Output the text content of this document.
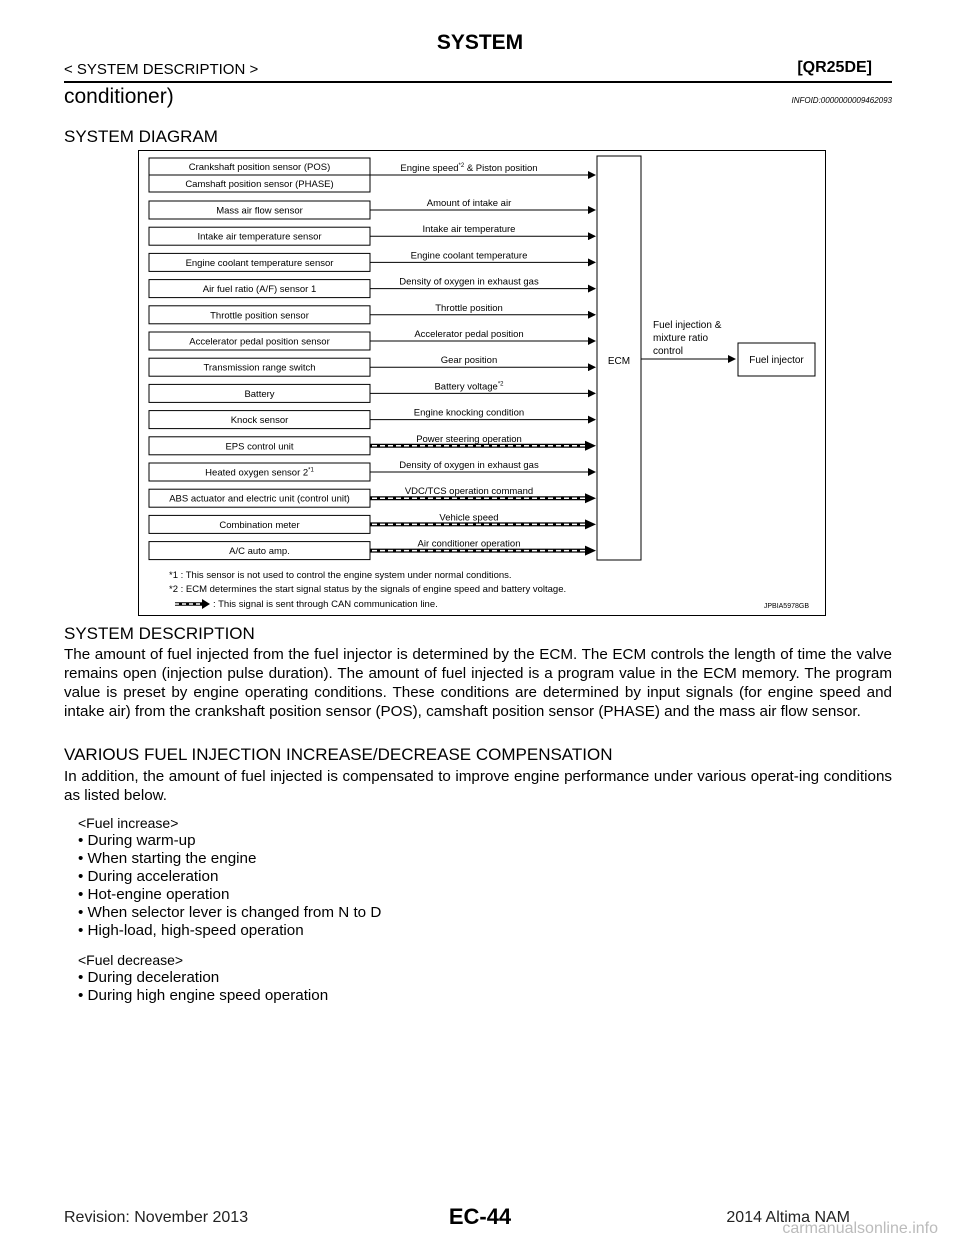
SYSTEM
< SYSTEM DESCRIPTION >	[QR25DE]
conditioner)	INFOID:0000000009462093
SYSTEM DIAGRAM
Crankshaft position sensor (POS)	Engine speed$^{*2}$ & Piston position
Camshaft position sensor (PHASE)
Mass air flow sensor
Amount of intake air
Intake air temperature sensor
Intake air temperature
Engine coolant temperature sensor
Engine coolant temperature
Air fuel ratio (A/F) sensor 1
Density of oxygen in exhaust gas
Throttle position sensor
Throttle position
Accelerator pedal position sensor
Accelerator pedal position
Transmission range switch
Gear position
Battery
Battery voltage$^{*2}$
Knock sensor
Engine knocking condition
EPS control unit
Power steering operation
Heated oxygen sensor 2$^{*1}$	Density of oxygen in exhaust gas
ABS actuator and electric unit (control unit)
VDC/TCS operation command
Combination meter
Vehicle speed
A/C auto amp.
Air conditioner operation
ECM
Fuel injection &
mixture ratio
control
Fuel injector
*1 : This sensor is not used to control the engine system under normal conditions.
*2 : ECM determines the start signal status by the signals of engine speed and battery voltage.
: This signal is sent through CAN communication line.	JPBIA5978GB
SYSTEM DESCRIPTION
The amount of fuel injected from the fuel injector is determined by the ECM. The ECM controls the length of time the valve remains open (injection pulse duration). The amount of fuel injected is a program value in the ECM memory. The program value is preset by engine operating conditions. These conditions are determined by input signals (for engine speed and intake air) from the crankshaft position sensor (POS), camshaft position sensor (PHASE) and the mass air flow sensor.
VARIOUS FUEL INJECTION INCREASE/DECREASE COMPENSATION
In addition, the amount of fuel injected is compensated to improve engine performance under various operat-ing conditions as listed below.
<Fuel increase>
• During warm-up
• When starting the engine
• During acceleration
• Hot-engine operation
• When selector lever is changed from N to D
• High-load, high-speed operation
<Fuel decrease>
• During deceleration
• During high engine speed operation
Revision: November 2013	EC-44	2014 Altima NAM
carmanualsonline.info
